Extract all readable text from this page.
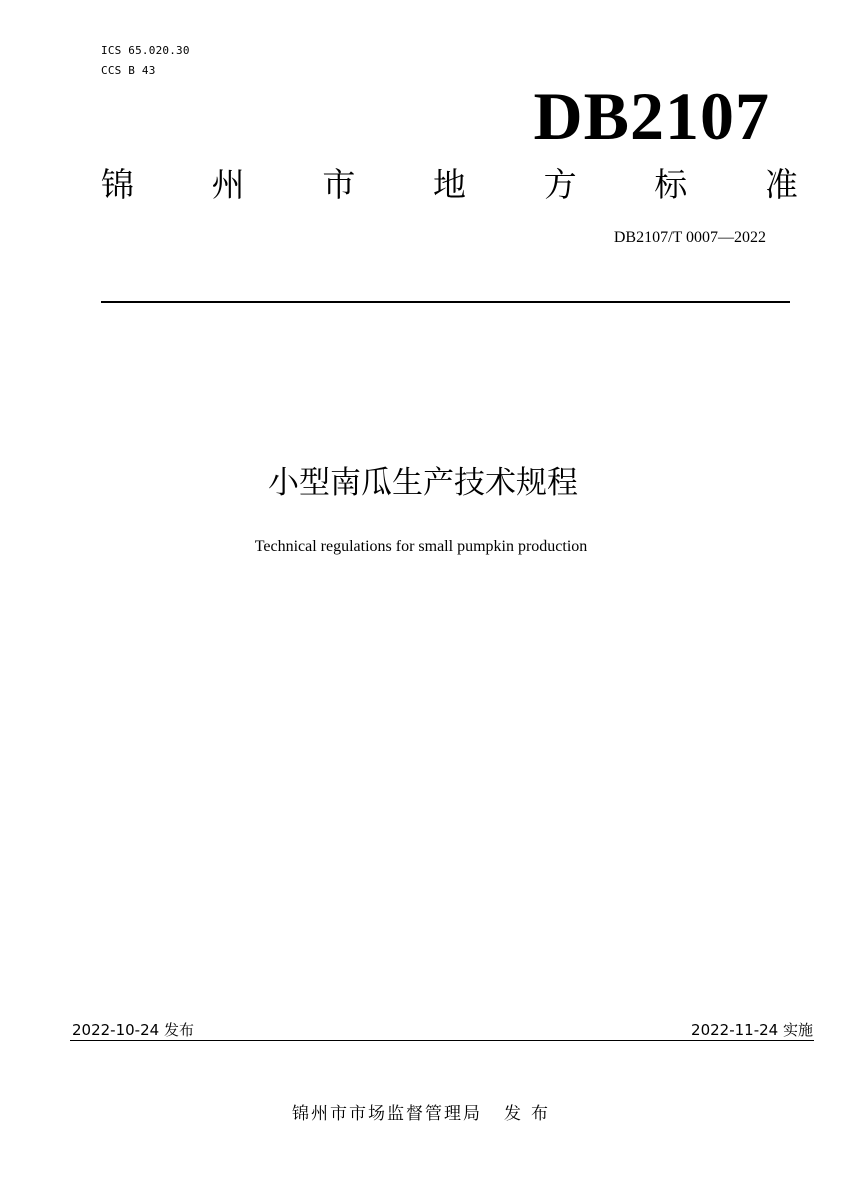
ICS 65.020.30
CCS B 43
DB2107
锦 州 市 地 方 标 准
DB2107/T 0007—2022
小型南瓜生产技术规程
Technical regulations for small pumpkin production
2022-10-24 发布	2022-11-24 实施
锦州市市场监督管理局 发布
